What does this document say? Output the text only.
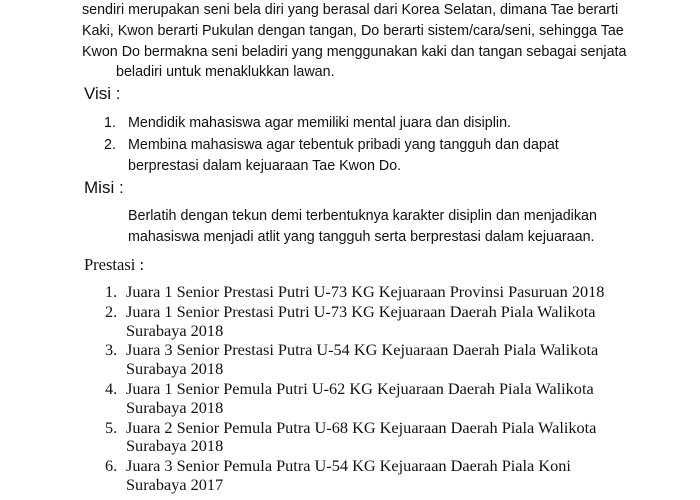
sendiri merupakan seni bela diri yang berasal dari Korea Selatan, dimana Tae berarti
Kaki, Kwon berarti Pukulan dengan tangan, Do berarti sistem/cara/seni, sehingga Tae
Kwon Do bermakna seni beladiri yang menggunakan kaki dan tangan sebagai senjata
beladiri untuk menaklukkan lawan.
Visi :
1. Mendidik mahasiswa agar memiliki mental juara dan disiplin.
2. Membina mahasiswa agar tebentuk pribadi yang tangguh dan dapat
berprestasi dalam kejuaraan Tae Kwon Do.
Misi :
Berlatih dengan tekun demi terbentuknya karakter disiplin dan menjadikan
mahasiswa menjadi atlit yang tangguh serta berprestasi dalam kejuaraan.
Prestasi :
1. Juara 1 Senior Prestasi Putri U-73 KG Kejuaraan Provinsi Pasuruan 2018
2. Juara 1 Senior Prestasi Putri U-73 KG Kejuaraan Daerah Piala Walikota
Surabaya 2018
3. Juara 3 Senior Prestasi Putra U-54 KG Kejuaraan Daerah Piala Walikota
Surabaya 2018
4. Juara 1 Senior Pemula Putri U-62 KG Kejuaraan Daerah Piala Walikota
Surabaya 2018
5. Juara 2 Senior Pemula Putra U-68 KG Kejuaraan Daerah Piala Walikota
Surabaya 2018
6. Juara 3 Senior Pemula Putra U-54 KG Kejuaraan Daerah Piala Koni
Surabaya 2017
